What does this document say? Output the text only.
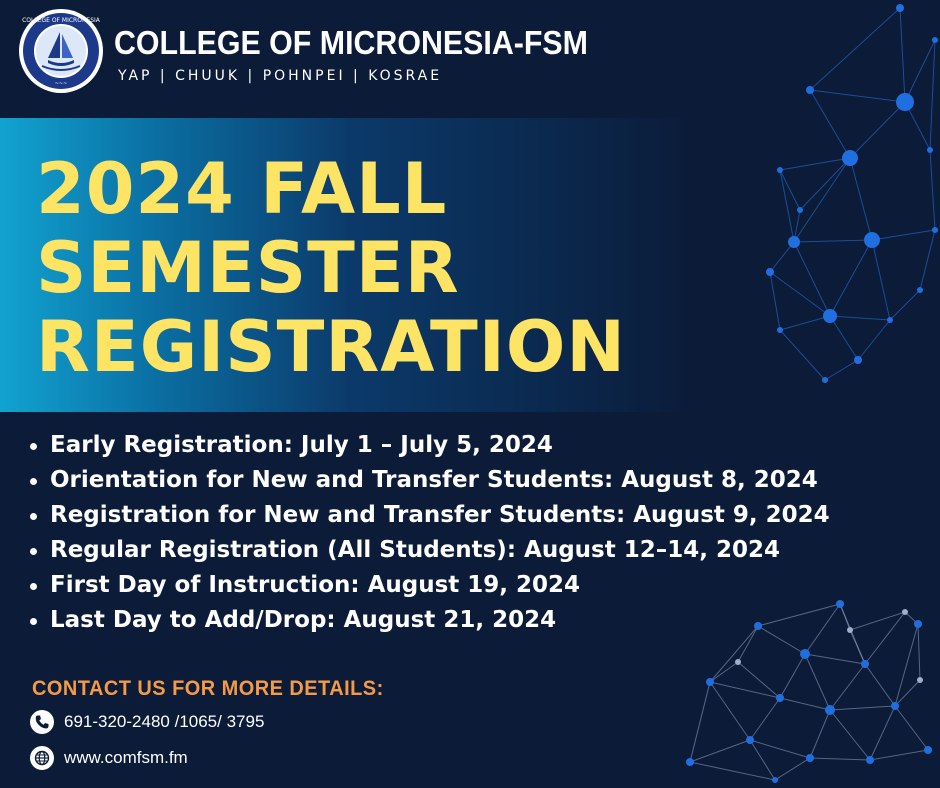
COLLEGE OF MICRONESIA
~~~
COLLEGE OF MICRONESIA-FSM
YAP | CHUUK | POHNPEI | KOSRAE
2024 FALL
SEMESTER
REGISTRATION
Early Registration: July 1 – July 5, 2024
Orientation for New and Transfer Students: August 8, 2024
Registration for New and Transfer Students: August 9, 2024
Regular Registration (All Students): August 12–14, 2024
First Day of Instruction: August 19, 2024
Last Day to Add/Drop: August 21, 2024
CONTACT US FOR MORE DETAILS:
691-320-2480 /1065/ 3795
www.comfsm.fm
